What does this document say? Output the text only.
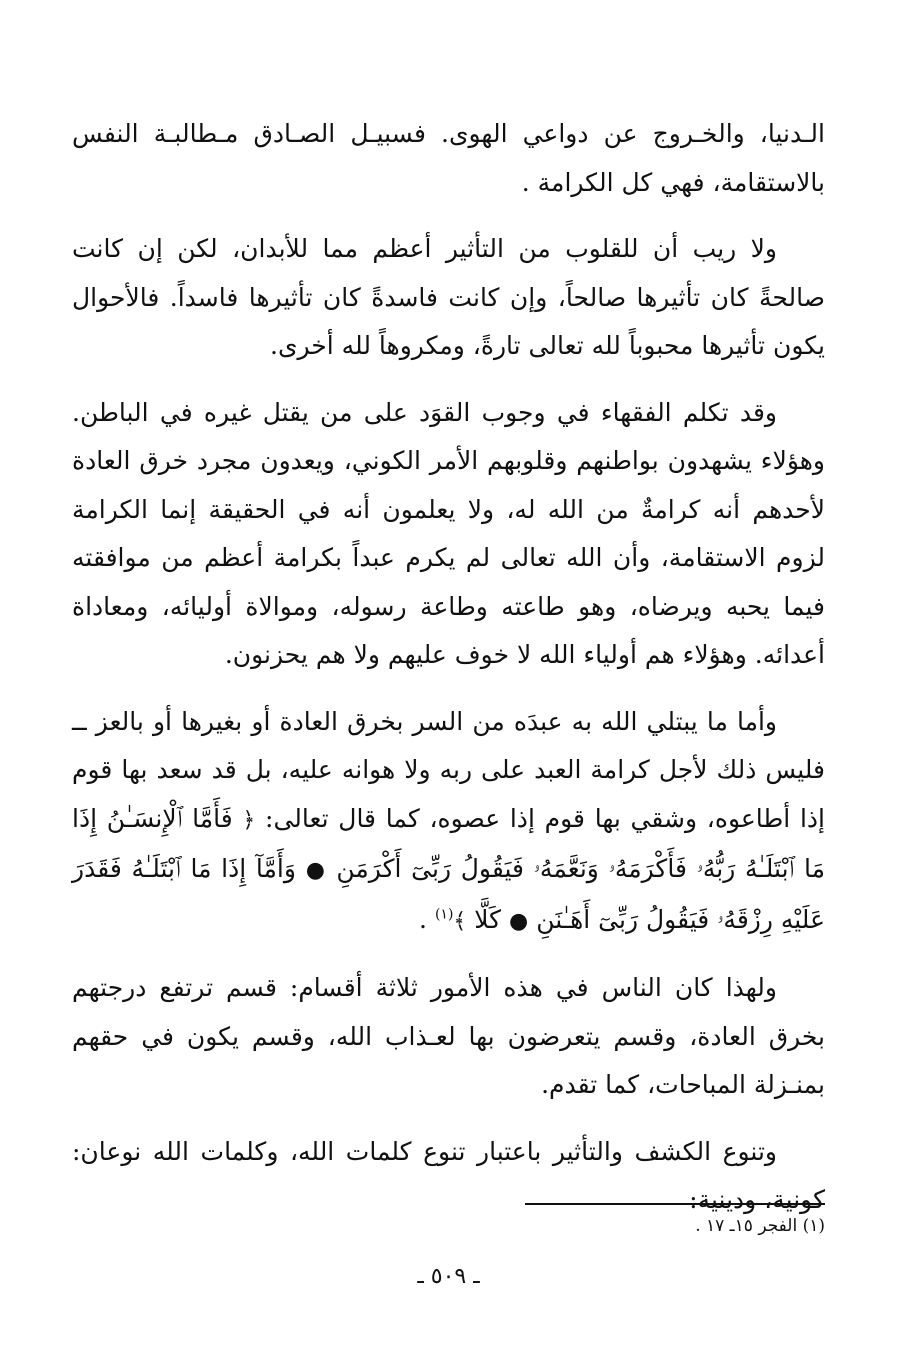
الـدنيا، والخـروج عن دواعي الهوى. فسبيـل الصـادق مـطالبـة النفس بالاستقامة، فهي كل الكرامة .

ولا ريب أن للقلوب من التأثير أعظم مما للأبدان، لكن إن كانت صالحةً كان تأثيرها صالحاً، وإن كانت فاسدةً كان تأثيرها فاسداً. فالأحوال يكون تأثيرها محبوباً لله تعالى تارةً، ومكروهاً لله أخرى.

وقد تكلم الفقهاء في وجوب القوَد على من يقتل غيره في الباطن. وهؤلاء يشهدون بواطنهم وقلوبهم الأمر الكوني، ويعدون مجرد خرق العادة لأحدهم أنه كرامةٌ من الله له، ولا يعلمون أنه في الحقيقة إنما الكرامة لزوم الاستقامة، وأن الله تعالى لم يكرم عبداً بكرامة أعظم من موافقته فيما يحبه ويرضاه، وهو طاعته وطاعة رسوله، وموالاة أوليائه، ومعاداة أعدائه. وهؤلاء هم أولياء الله لا خوف عليهم ولا هم يحزنون.

وأما ما يبتلي الله به عبدَه من السر بخرق العادة أو بغيرها أو بالعز ــ فليس ذلك لأجل كرامة العبد على ربه ولا هوانه عليه، بل قد سعد بها قوم إذا أطاعوه، وشقي بها قوم إذا عصوه، كما قال تعالى: ﴿ فَأَمَّا ٱلْإِنسَـٰنُ إِذَا مَا ٱبْتَلَـٰهُ رَبُّهُۥ فَأَكْرَمَهُۥ وَنَعَّمَهُۥ فَيَقُولُ رَبِّىٓ أَكْرَمَنِ ● وَأَمَّآ إِذَا مَا ٱبْتَلَـٰهُ فَقَدَرَ عَلَيْهِ رِزْقَهُۥ فَيَقُولُ رَبِّىٓ أَهَـٰنَنِ ● كَلَّا ﴾$^{(١)}$ .

ولهذا كان الناس في هذه الأمور ثلاثة أقسام: قسم ترتفع درجتهم بخرق العادة، وقسم يتعرضون بها لعـذاب الله، وقسم يكون في حقهم بمنـزلة المباحات، كما تقدم.

وتنوع الكشف والتأثير باعتبار تنوع كلمات الله، وكلمات الله نوعان: كونية، ودينية:

(١) الفجر ١٥ـ ١٧ .
ـ ٥٠٩ ـ
